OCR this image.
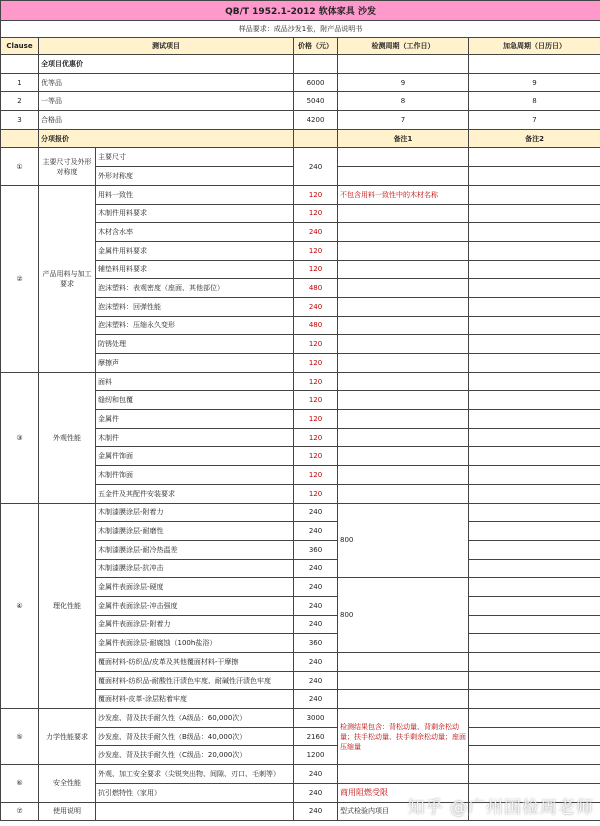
QB/T 1952.1-2012 软体家具 沙发					
样品要求：成品沙发1张，附产品说明书					
Clause	测试项目		价格（元）	检测周期（工作日）	加急周期（日历日）
	全项目优惠价				
1	优等品		6000	9	9
2	一等品		5040	8	8
3	合格品		4200	7	7
	分项报价			备注1	备注2
①	主要尺寸及外形对称度	主要尺寸	240		
		外形对称度			
②	产品用料与加工要求	用料一致性	120	不包含用料一致性中的木材名称	
		木制件用料要求	120		
		木材含水率	240		
		金属件用料要求	120		
		辅垫料用料要求	120		
		泡沫塑料：表观密度（座面、其他部位）	480		
		泡沫塑料：回弹性能	240		
		泡沫塑料：压缩永久变形	480		
		防锈处理	120		
		摩擦声	120		
③	外观性能	面料	120		
		缝纫和包覆	120		
		金属件	120		
		木制件	120		
		金属件饰面	120		
		木制件饰面	120		
		五金件及其配件安装要求	120		
④	理化性能	木制漆膜涂层-附着力	240	800	
		木制漆膜涂层-耐磨性	240		
		木制漆膜涂层-耐冷热温差	360		
		木制漆膜涂层-抗冲击	240		
		金属件表面涂层-硬度	240	800	
		金属件表面涂层-冲击强度	240		
		金属件表面涂层-附着力	240		
		金属件表面涂层-耐腐蚀（100h盐浴）	360		
		覆面材料-纺织品/皮革及其他覆面材料-干摩擦	240		
		覆面材料-纺织品-耐酸性汗渍色牢度、耐碱性汗渍色牢度	240		
		覆面材料-皮革-涂层粘着牢度	240		
⑤	力学性能要求	沙发座、背及扶手耐久性（A级品：60,000次）	3000	检测结果包含：背松动量、背剩余松动量；扶手松动量、扶手剩余松动量；座面压缩量	
		沙发座、背及扶手耐久性（B级品：40,000次）	2160		
		沙发座、背及扶手耐久性（C级品：20,000次）	1200		
⑥	安全性能	外观、加工安全要求（尖锐突出物、间隙、刃口、毛刺等）	240		
		抗引燃特性（家用）	240	商用阻燃受限	
⑦	使用说明		240	型式检验内项目	知乎 @广州国检周老师
